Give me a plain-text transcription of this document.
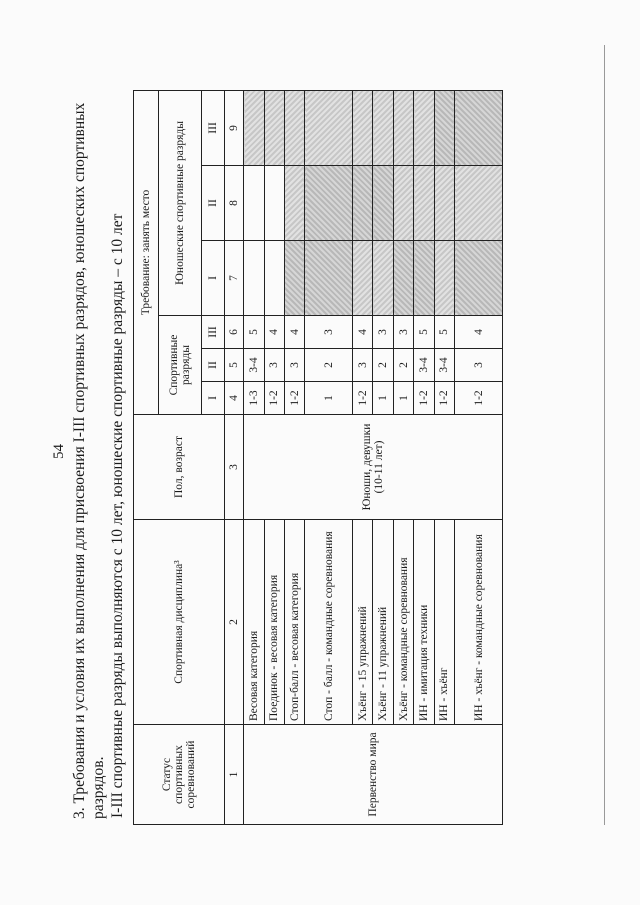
54 3. Требования и условия их выполнения для присвоения I-III спортивных разрядов, юношеских спортивных разрядов. I-III спортивные разряды выполняются с 10 лет, юношеские спортивные разряды – с 10 лет	Статус спортивных соревнований	Спортивная дисциплина³	Пол, возраст	Требование: занять место					
			Спортивные разряды			Юношеские спортивные разряды		
			I	II	III	I	II	III
1	2	3	4	5	6	7	8	9
Первенство мира	Весовая категория	Юноши, девушки (10-11 лет)	1-3	3-4	5			
	Поединок - весовая категория		1-2	3	4			
	Стоп-балл - весовая категория		1-2	3	4			
	Стоп - балл - командные соревнования		1	2	3			
	Хъёнг - 15 упражнений		1-2	3	4			
	Хъёнг - 11 упражнений		1	2	3			
	Хъёнг - командные соревнования		1	2	3			
	ИН - имитация техники		1-2	3-4	5			
	ИН - хъёнг		1-2	3-4	5			
	ИН - хъёнг - командные соревнования		1-2	3	4			
